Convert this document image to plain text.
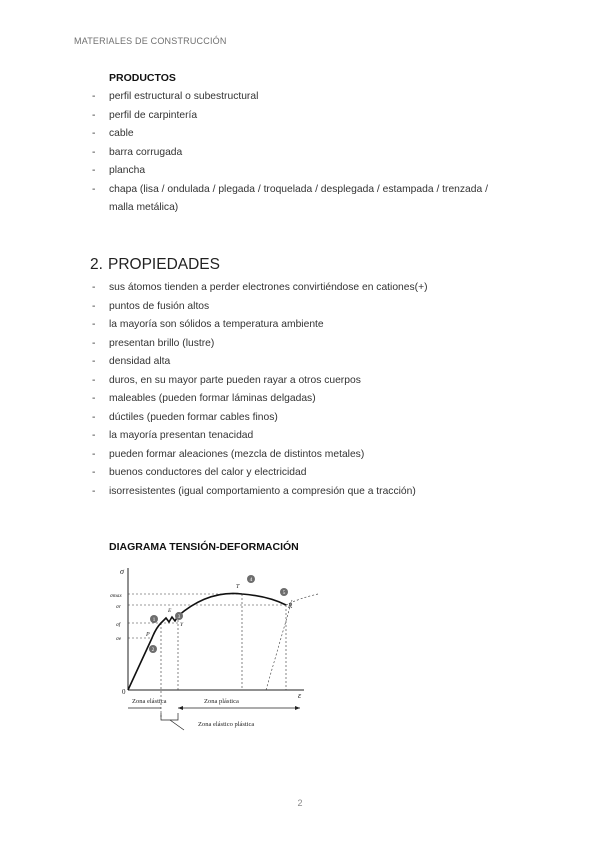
MATERIALES DE CONSTRUCCIÓN
PRODUCTOS
- perfil estructural o subestructural
- perfil de carpintería
- cable
- barra corrugada
- plancha
- chapa (lisa / ondulada / plegada / troquelada / desplegada / estampada / trenzada /
malla metálica)
2. PROPIEDADES
- sus átomos tienden a perder electrones convirtiéndose en cationes(+)
- puntos de fusión altos
- la mayoría son sólidos a temperatura ambiente
- presentan brillo (lustre)
- densidad alta
- duros, en su mayor parte pueden rayar a otros cuerpos
- maleables (pueden formar láminas delgadas)
- dúctiles (pueden formar cables finos)
- la mayoría presentan tenacidad
- pueden formar aleaciones (mezcla de distintos metales)
- buenos conductores del calor y electricidad
- isorresistentes (igual comportamiento a compresión que a tracción)
DIAGRAMA TENSIÓN-DEFORMACIÓN
σ
ε
0
σmax
σr
σf
σe
P
E
Y
T
R
1
2
3
4
5
Zona elástica	Zona plástica
Zona elástico plástica
2
